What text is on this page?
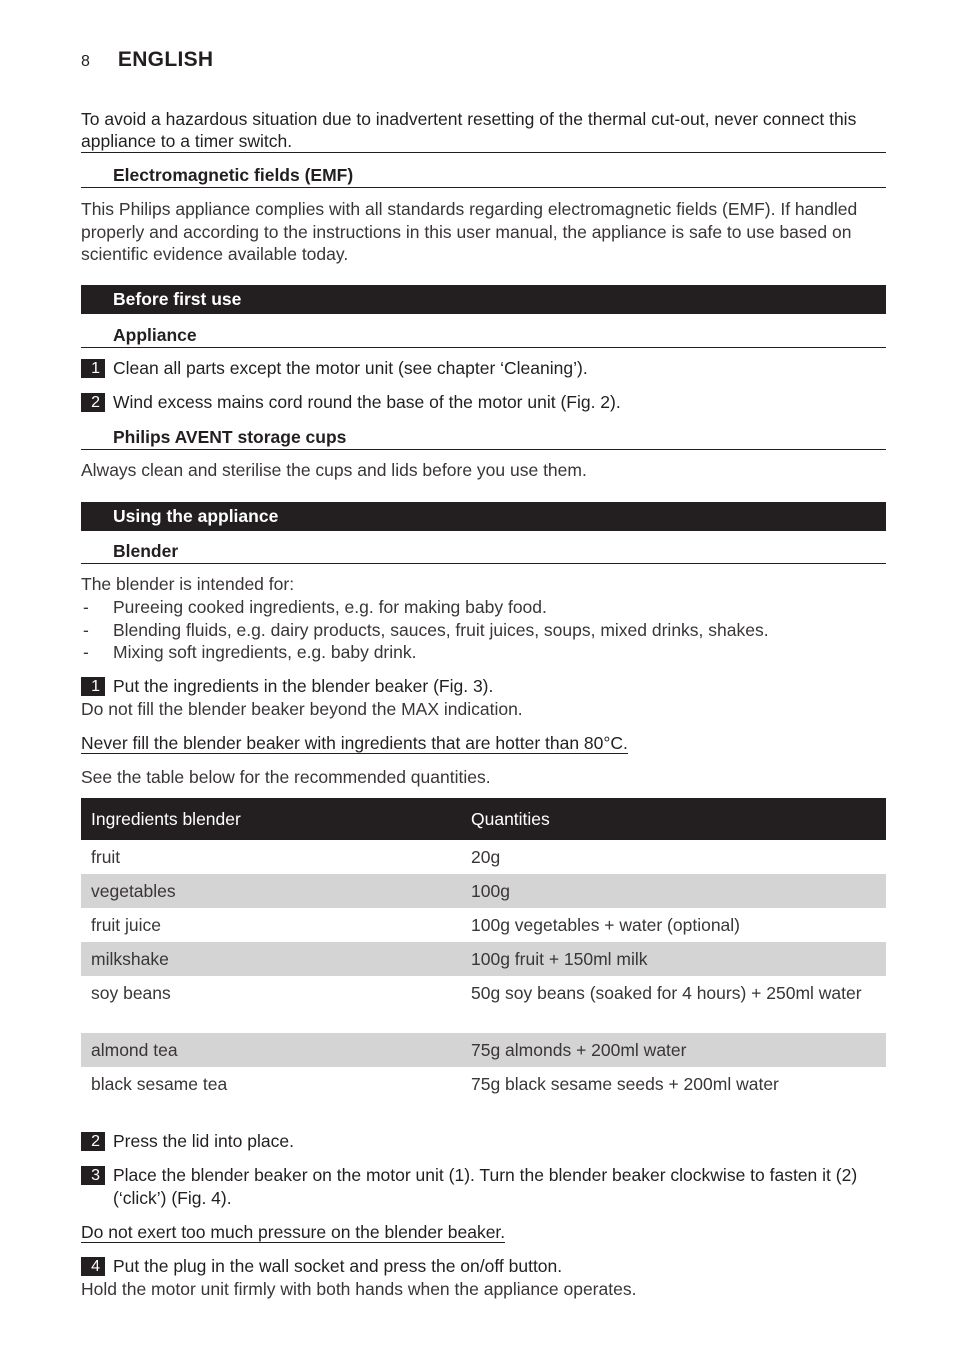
8 ENGLISH
To avoid a hazardous situation due to inadvertent resetting of the thermal cut-out, never connect this appliance to a timer switch.
Electromagnetic fields (EMF)
This Philips appliance complies with all standards regarding electromagnetic fields (EMF). If handled properly and according to the instructions in this user manual, the appliance is safe to use based on scientific evidence available today.
Before first use
Appliance
1 Clean all parts except the motor unit (see chapter ‘Cleaning’).
2 Wind excess mains cord round the base of the motor unit (Fig. 2).
Philips AVENT storage cups
Always clean and sterilise the cups and lids before you use them.
Using the appliance
Blender
The blender is intended for:
-	Pureeing cooked ingredients, e.g. for making baby food.
-	Blending fluids, e.g. dairy products, sauces, fruit juices, soups, mixed drinks, shakes.
-	Mixing soft ingredients, e.g. baby drink.
1 Put the ingredients in the blender beaker (Fig. 3).
Do not fill the blender beaker beyond the MAX indication.
Never fill the blender beaker with ingredients that are hotter than 80°C.
See the table below for the recommended quantities.
Ingredients blender	Quantities
fruit	20g
vegetables	100g
fruit juice	100g vegetables + water (optional)
milkshake	100g fruit + 150ml milk
soy beans	50g soy beans (soaked for 4 hours) + 250ml water
almond tea	75g almonds + 200ml water
black sesame tea	75g black sesame seeds + 200ml water
2 Press the lid into place.
3 Place the blender beaker on the motor unit (1). Turn the blender beaker clockwise to fasten it (2) (‘click’) (Fig. 4).
Do not exert too much pressure on the blender beaker.
4 Put the plug in the wall socket and press the on/off button.
Hold the motor unit firmly with both hands when the appliance operates.
